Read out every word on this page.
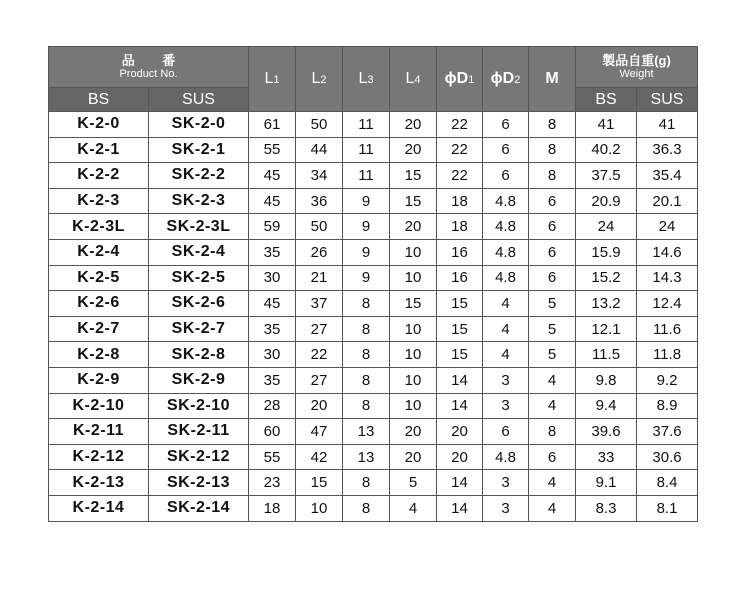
品 番
Product No.		L1	L2	L3	L4	ϕD1	ϕD2	M	製品自重(g)
Weight	

BS	SUS								BS	SUS
K-2-0	SK-2-0	61	50	11	20	22	6	8	41	41
K-2-1	SK-2-1	55	44	11	20	22	6	8	40.2	36.3
K-2-2	SK-2-2	45	34	11	15	22	6	8	37.5	35.4
K-2-3	SK-2-3	45	36	9	15	18	4.8	6	20.9	20.1
K-2-3L	SK-2-3L	59	50	9	20	18	4.8	6	24	24
K-2-4	SK-2-4	35	26	9	10	16	4.8	6	15.9	14.6
K-2-5	SK-2-5	30	21	9	10	16	4.8	6	15.2	14.3
K-2-6	SK-2-6	45	37	8	15	15	4	5	13.2	12.4
K-2-7	SK-2-7	35	27	8	10	15	4	5	12.1	11.6
K-2-8	SK-2-8	30	22	8	10	15	4	5	11.5	11.8
K-2-9	SK-2-9	35	27	8	10	14	3	4	9.8	9.2
K-2-10	SK-2-10	28	20	8	10	14	3	4	9.4	8.9
K-2-11	SK-2-11	60	47	13	20	20	6	8	39.6	37.6
K-2-12	SK-2-12	55	42	13	20	20	4.8	6	33	30.6
K-2-13	SK-2-13	23	15	8	5	14	3	4	9.1	8.4
K-2-14	SK-2-14	18	10	8	4	14	3	4	8.3	8.1
